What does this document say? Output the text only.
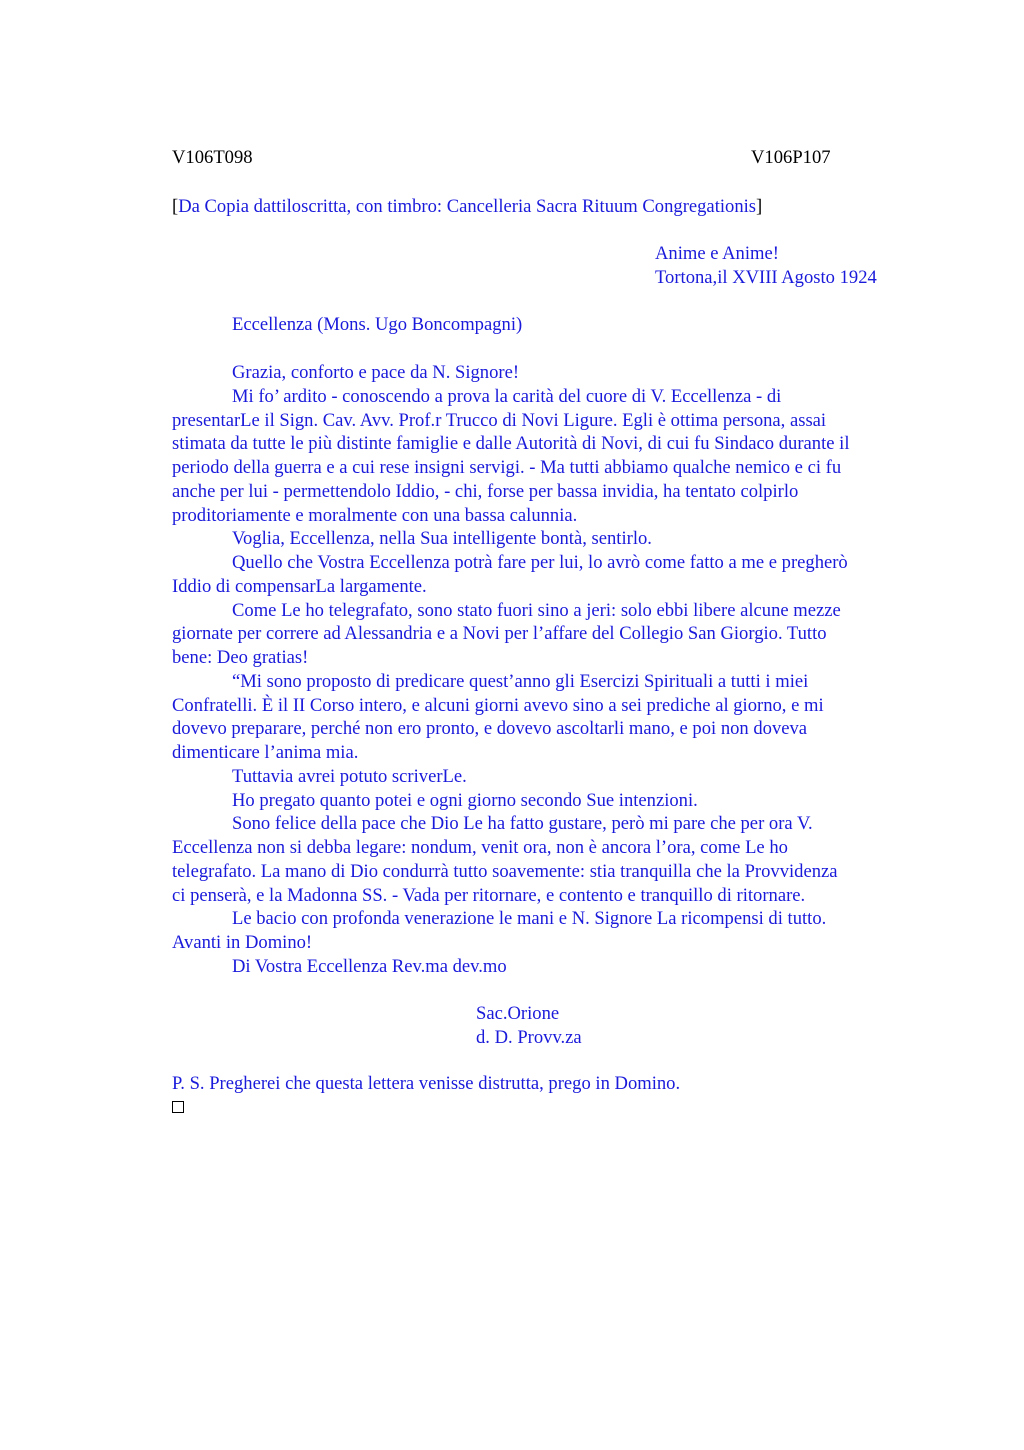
V106T098	V106P107
[Da Copia dattiloscritta, con timbro: Cancelleria Sacra Rituum Congregationis]
Anime e Anime!
Tortona,il XVIII Agosto 1924
Eccellenza (Mons. Ugo Boncompagni)
Grazia, conforto e pace da N. Signore!
Mi fo’ ardito - conoscendo a prova la carità del cuore di V. Eccellenza - di
presentarLe il Sign. Cav. Avv. Prof.r Trucco di Novi Ligure. Egli è ottima persona, assai
stimata da tutte le più distinte famiglie e dalle Autorità di Novi, di cui fu Sindaco durante il
periodo della guerra e a cui rese insigni servigi. - Ma tutti abbiamo qualche nemico e ci fu
anche per lui - permettendolo Iddio, - chi, forse per bassa invidia, ha tentato colpirlo
proditoriamente e moralmente con una bassa calunnia.
Voglia, Eccellenza, nella Sua intelligente bontà, sentirlo.
Quello che Vostra Eccellenza potrà fare per lui, lo avrò come fatto a me e pregherò
Iddio di compensarLa largamente.
Come Le ho telegrafato, sono stato fuori sino a jeri: solo ebbi libere alcune mezze
giornate per correre ad Alessandria e a Novi per l’affare del Collegio San Giorgio. Tutto
bene: Deo gratias!
“Mi sono proposto di predicare quest’anno gli Esercizi Spirituali a tutti i miei
Confratelli. È il II Corso intero, e alcuni giorni avevo sino a sei prediche al giorno, e mi
dovevo preparare, perché non ero pronto, e dovevo ascoltarli mano, e poi non doveva
dimenticare l’anima mia.
Tuttavia avrei potuto scriverLe.
Ho pregato quanto potei e ogni giorno secondo Sue intenzioni.
Sono felice della pace che Dio Le ha fatto gustare, però mi pare che per ora V.
Eccellenza non si debba legare: nondum, venit ora, non è ancora l’ora, come Le ho
telegrafato. La mano di Dio condurrà tutto soavemente: stia tranquilla che la Provvidenza
ci penserà, e la Madonna SS. - Vada per ritornare, e contento e tranquillo di ritornare.
Le bacio con profonda venerazione le mani e N. Signore La ricompensi di tutto.
Avanti in Domino!
Di Vostra Eccellenza Rev.ma dev.mo
Sac.Orione
d. D. Provv.za
P. S. Pregherei che questa lettera venisse distrutta, prego in Domino.
